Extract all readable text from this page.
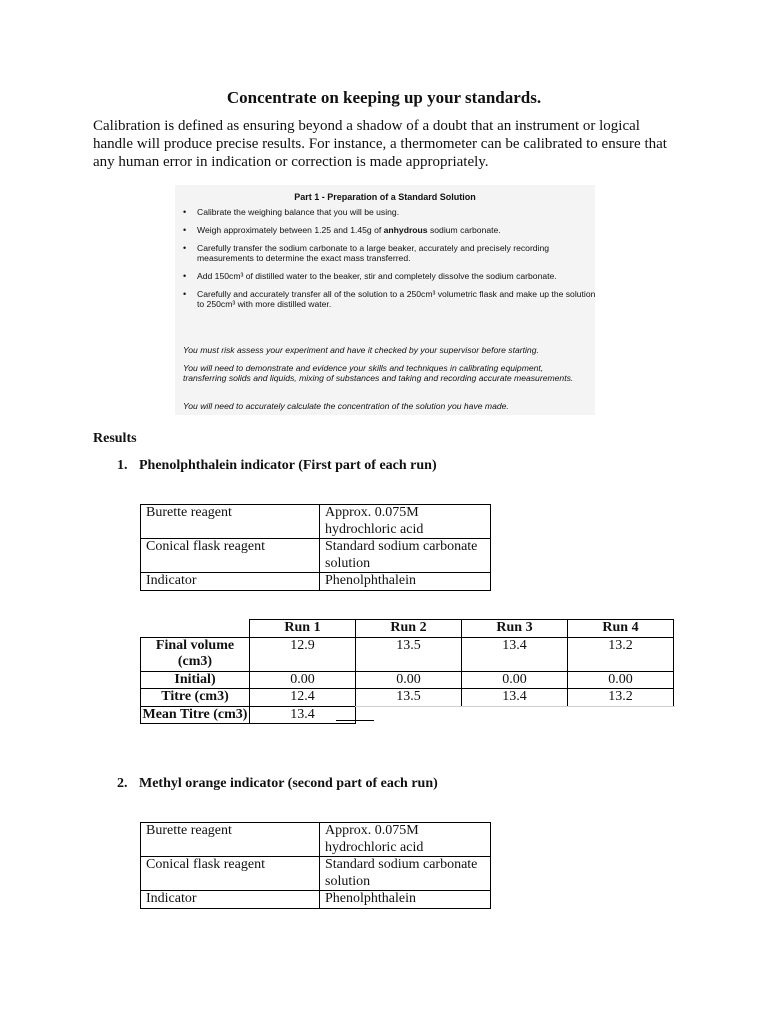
Concentrate on keeping up your standards.
Calibration is defined as ensuring beyond a shadow of a doubt that an instrument or logical handle will produce precise results. For instance, a thermometer can be calibrated to ensure that any human error in indication or correction is made appropriately.
Part 1 - Preparation of a Standard Solution
• Calibrate the weighing balance that you will be using.
• Weigh approximately between 1.25 and 1.45g of anhydrous sodium carbonate.
• Carefully transfer the sodium carbonate to a large beaker, accurately and precisely recording measurements to determine the exact mass transferred.
• Add 150cm³ of distilled water to the beaker, stir and completely dissolve the sodium carbonate.
• Carefully and accurately transfer all of the solution to a 250cm³ volumetric flask and make up the solution to 250cm³ with more distilled water.
You must risk assess your experiment and have it checked by your supervisor before starting.
You will need to demonstrate and evidence your skills and techniques in calibrating equipment, transferring solids and liquids, mixing of substances and taking and recording accurate measurements.
You will need to accurately calculate the concentration of the solution you have made.
Results
1. Phenolphthalein indicator (First part of each run)
Burette reagent	Approx. 0.075M hydrochloric acid
Conical flask reagent	Standard sodium carbonate solution
Indicator	Phenolphthalein
	Run 1	Run 2	Run 3	Run 4
Final volume (cm3)	12.9	13.5	13.4	13.2
Initial)	0.00	0.00	0.00	0.00
Titre (cm3)	12.4	13.5	13.4	13.2
Mean Titre (cm3)	13.4			
2. Methyl orange indicator (second part of each run)
Burette reagent	Approx. 0.075M hydrochloric acid
Conical flask reagent	Standard sodium carbonate solution
Indicator	Phenolphthalein
